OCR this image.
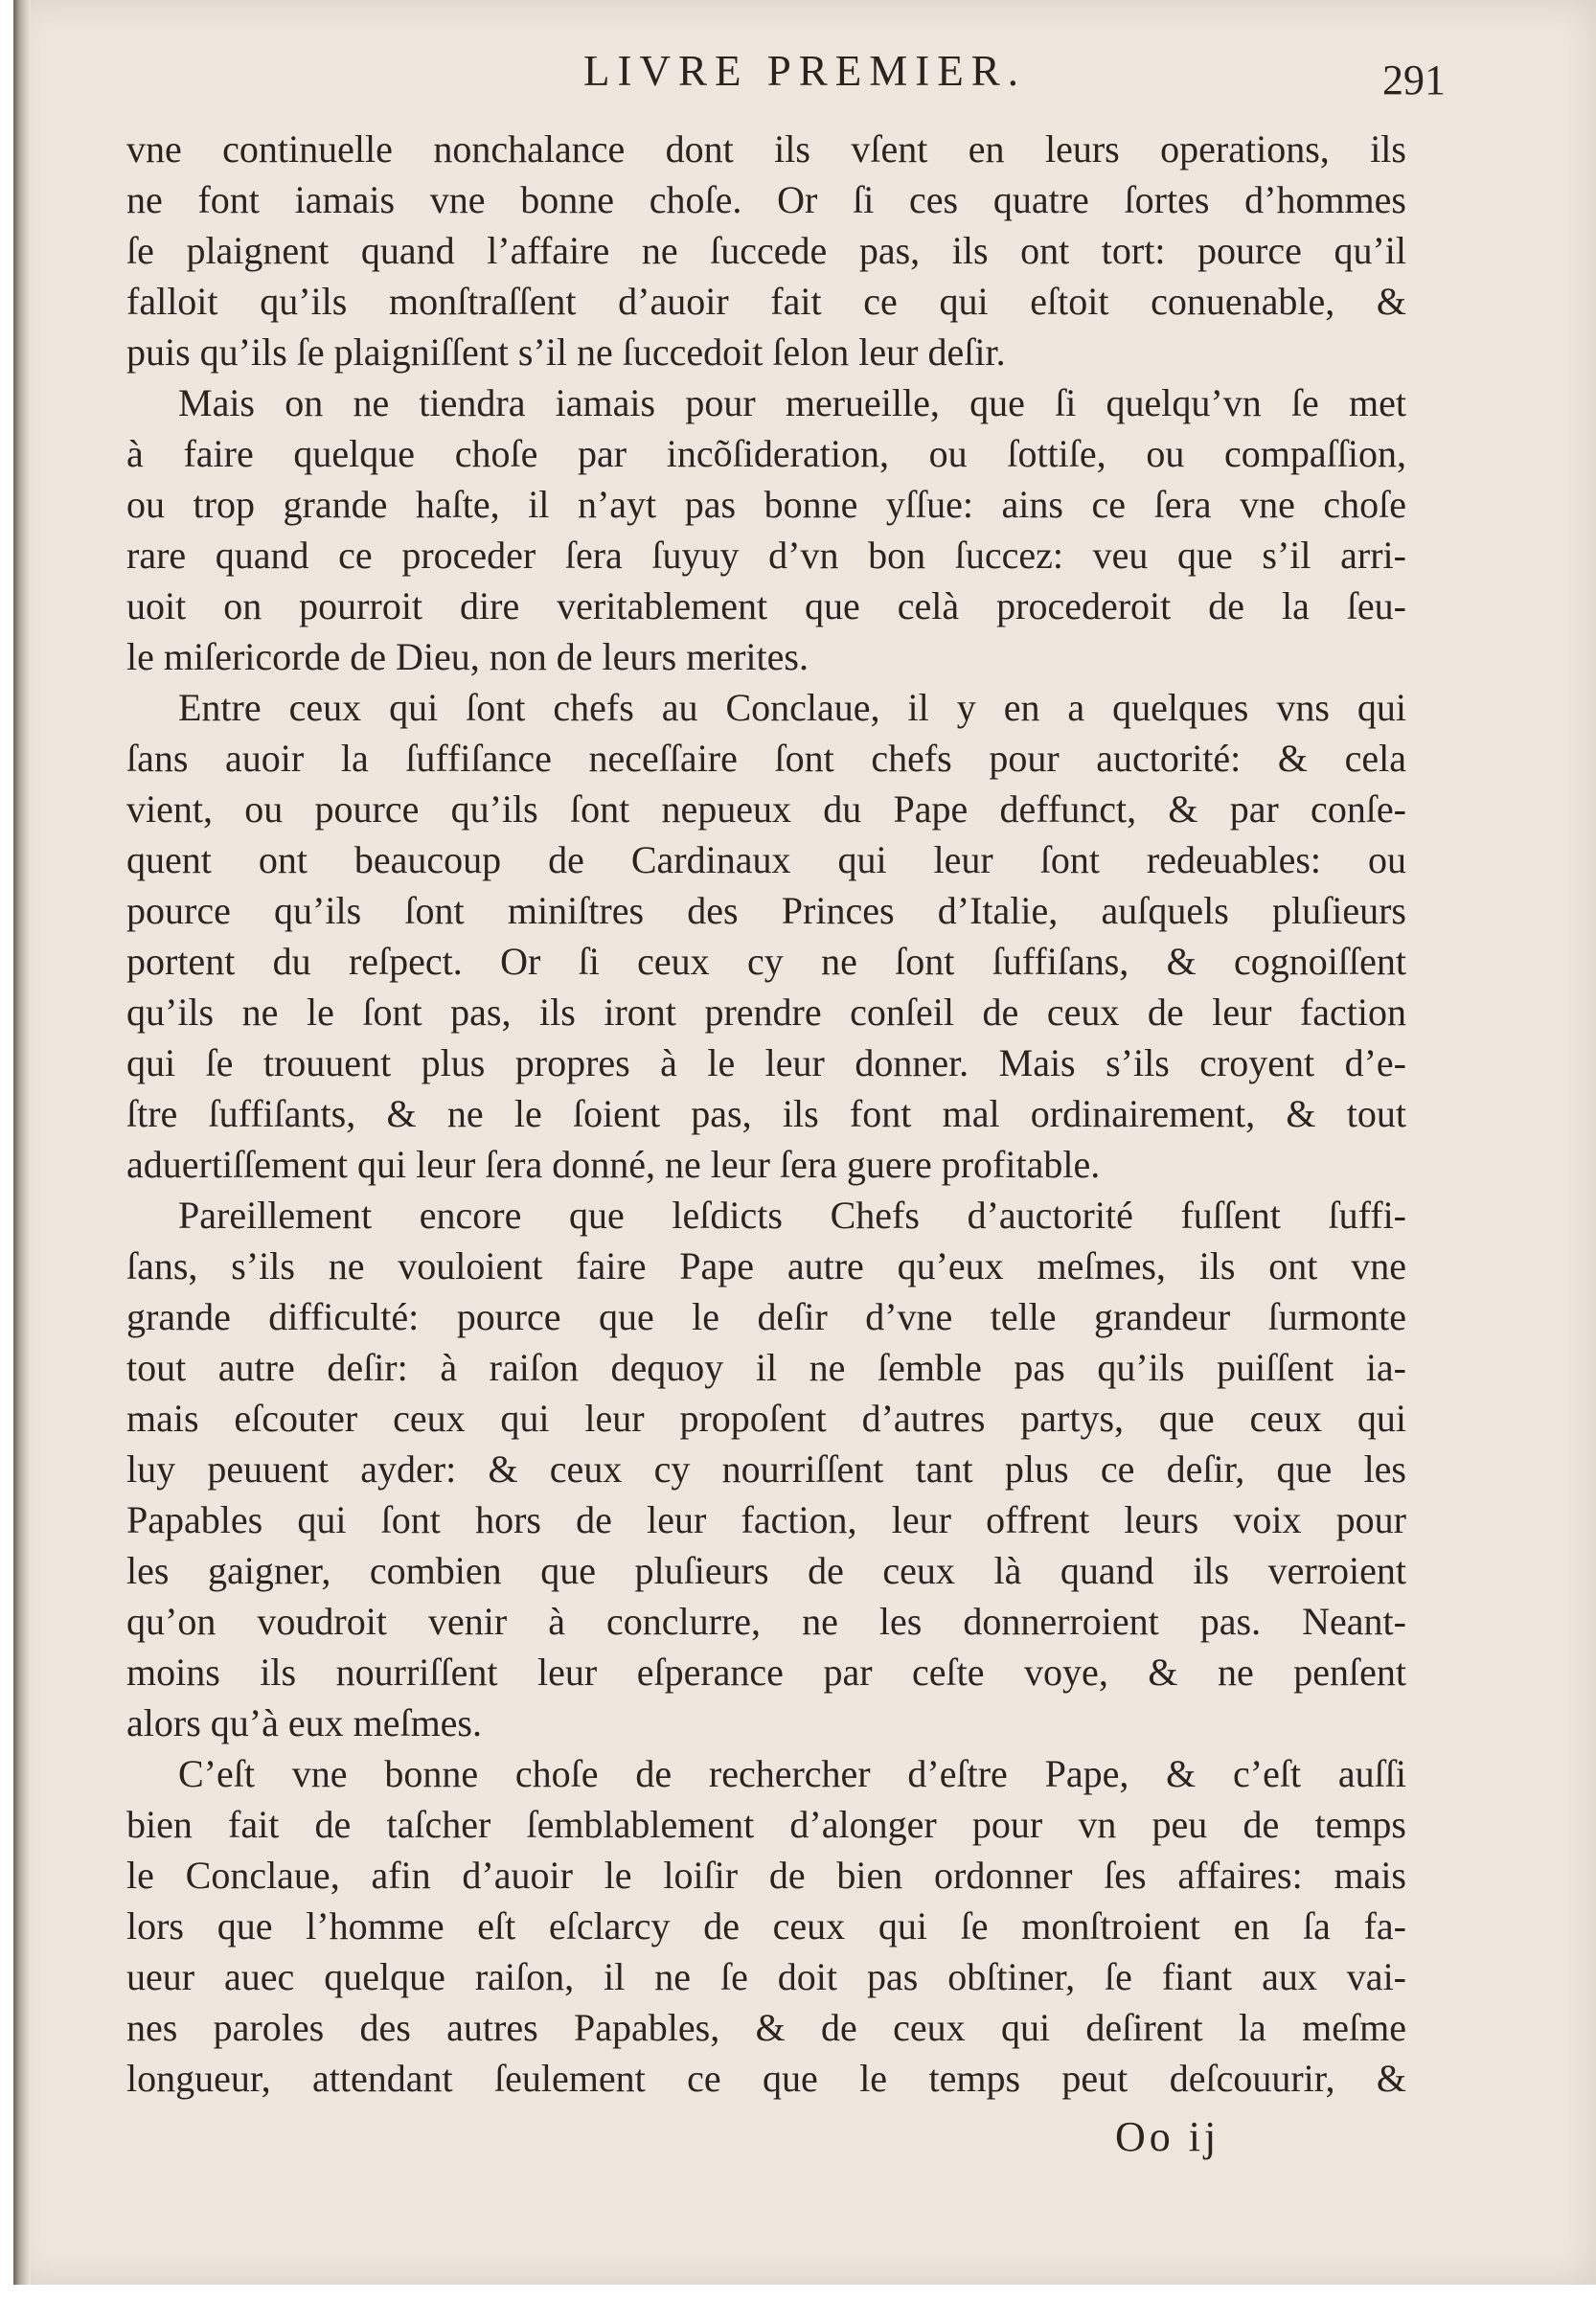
LIVRE PREMIER.	291
vne continuelle nonchalance dont ils vſent en leurs operations, ils
ne font iamais vne bonne choſe. Or ſi ces quatre ſortes d’hommes
ſe plaignent quand l’affaire ne ſuccede pas, ils ont tort: pource qu’il
falloit qu’ils monſtraſſent d’auoir fait ce qui eſtoit conuenable, &
puis qu’ils ſe plaigniſſent s’il ne ſuccedoit ſelon leur deſir.
Mais on ne tiendra iamais pour merueille, que ſi quelqu’vn ſe met
à faire quelque choſe par incõſideration, ou ſottiſe, ou compaſſion,
ou trop grande haſte, il n’ayt pas bonne yſſue: ains ce ſera vne choſe
rare quand ce proceder ſera ſuyuy d’vn bon ſuccez: veu que s’il arri-
uoit on pourroit dire veritablement que celà procederoit de la ſeu-
le miſericorde de Dieu, non de leurs merites.
Entre ceux qui ſont chefs au Conclaue, il y en a quelques vns qui
ſans auoir la ſuffiſance neceſſaire ſont chefs pour auctorité: & cela
vient, ou pource qu’ils ſont nepueux du Pape deffunct, & par conſe-
quent ont beaucoup de Cardinaux qui leur ſont redeuables: ou
pource qu’ils ſont miniſtres des Princes d’Italie, auſquels pluſieurs
portent du reſpect. Or ſi ceux cy ne ſont ſuffiſans, & cognoiſſent
qu’ils ne le ſont pas, ils iront prendre conſeil de ceux de leur faction
qui ſe trouuent plus propres à le leur donner. Mais s’ils croyent d’e-
ſtre ſuffiſants, & ne le ſoient pas, ils font mal ordinairement, & tout
aduertiſſement qui leur ſera donné, ne leur ſera guere profitable.
Pareillement encore que leſdicts Chefs d’auctorité fuſſent ſuffi-
ſans, s’ils ne vouloient faire Pape autre qu’eux meſmes, ils ont vne
grande difficulté: pource que le deſir d’vne telle grandeur ſurmonte
tout autre deſir: à raiſon dequoy il ne ſemble pas qu’ils puiſſent ia-
mais eſcouter ceux qui leur propoſent d’autres partys, que ceux qui
luy peuuent ayder: & ceux cy nourriſſent tant plus ce deſir, que les
Papables qui ſont hors de leur faction, leur offrent leurs voix pour
les gaigner, combien que pluſieurs de ceux là quand ils verroient
qu’on voudroit venir à conclurre, ne les donnerroient pas. Neant-
moins ils nourriſſent leur eſperance par ceſte voye, & ne penſent
alors qu’à eux meſmes.
C’eſt vne bonne choſe de rechercher d’eſtre Pape, & c’eſt auſſi
bien fait de taſcher ſemblablement d’alonger pour vn peu de temps
le Conclaue, afin d’auoir le loiſir de bien ordonner ſes affaires: mais
lors que l’homme eſt eſclarcy de ceux qui ſe monſtroient en ſa fa-
ueur auec quelque raiſon, il ne ſe doit pas obſtiner, ſe fiant aux vai-
nes paroles des autres Papables, & de ceux qui deſirent la meſme
longueur, attendant ſeulement ce que le temps peut deſcouurir, &
Oo ij
